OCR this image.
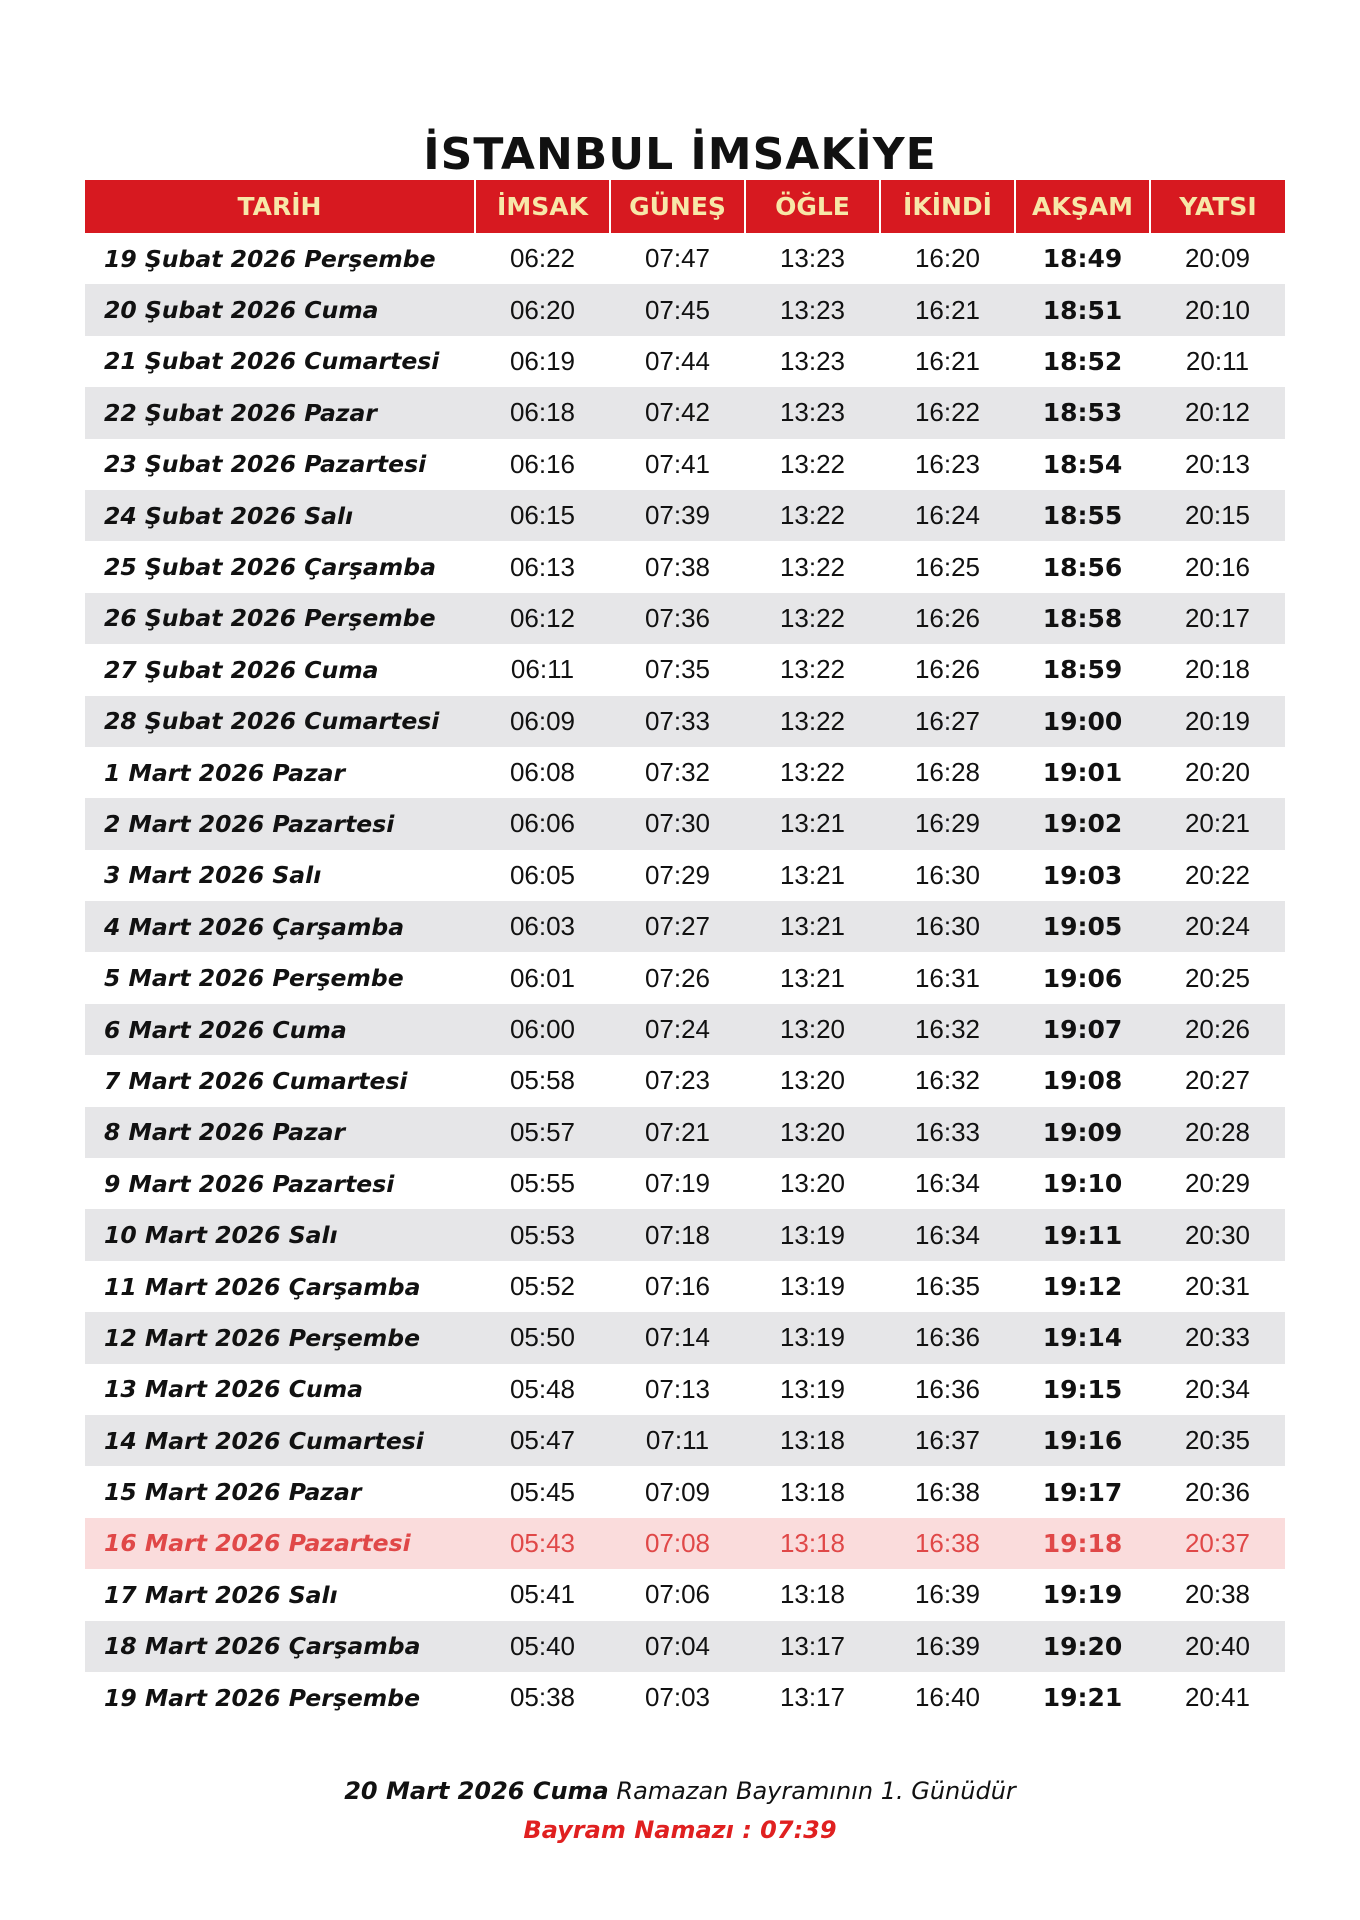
İSTANBUL İMSAKİYE
TARİH	İMSAK	GÜNEŞ	ÖĞLE	İKİNDİ	AKŞAM	YATSI
19 Şubat 2026 Perşembe	06:22	07:47	13:23	16:20	18:49	20:09
20 Şubat 2026 Cuma	06:20	07:45	13:23	16:21	18:51	20:10
21 Şubat 2026 Cumartesi	06:19	07:44	13:23	16:21	18:52	20:11
22 Şubat 2026 Pazar	06:18	07:42	13:23	16:22	18:53	20:12
23 Şubat 2026 Pazartesi	06:16	07:41	13:22	16:23	18:54	20:13
24 Şubat 2026 Salı	06:15	07:39	13:22	16:24	18:55	20:15
25 Şubat 2026 Çarşamba	06:13	07:38	13:22	16:25	18:56	20:16
26 Şubat 2026 Perşembe	06:12	07:36	13:22	16:26	18:58	20:17
27 Şubat 2026 Cuma	06:11	07:35	13:22	16:26	18:59	20:18
28 Şubat 2026 Cumartesi	06:09	07:33	13:22	16:27	19:00	20:19
1 Mart 2026 Pazar	06:08	07:32	13:22	16:28	19:01	20:20
2 Mart 2026 Pazartesi	06:06	07:30	13:21	16:29	19:02	20:21
3 Mart 2026 Salı	06:05	07:29	13:21	16:30	19:03	20:22
4 Mart 2026 Çarşamba	06:03	07:27	13:21	16:30	19:05	20:24
5 Mart 2026 Perşembe	06:01	07:26	13:21	16:31	19:06	20:25
6 Mart 2026 Cuma	06:00	07:24	13:20	16:32	19:07	20:26
7 Mart 2026 Cumartesi	05:58	07:23	13:20	16:32	19:08	20:27
8 Mart 2026 Pazar	05:57	07:21	13:20	16:33	19:09	20:28
9 Mart 2026 Pazartesi	05:55	07:19	13:20	16:34	19:10	20:29
10 Mart 2026 Salı	05:53	07:18	13:19	16:34	19:11	20:30
11 Mart 2026 Çarşamba	05:52	07:16	13:19	16:35	19:12	20:31
12 Mart 2026 Perşembe	05:50	07:14	13:19	16:36	19:14	20:33
13 Mart 2026 Cuma	05:48	07:13	13:19	16:36	19:15	20:34
14 Mart 2026 Cumartesi	05:47	07:11	13:18	16:37	19:16	20:35
15 Mart 2026 Pazar	05:45	07:09	13:18	16:38	19:17	20:36
16 Mart 2026 Pazartesi	05:43	07:08	13:18	16:38	19:18	20:37
17 Mart 2026 Salı	05:41	07:06	13:18	16:39	19:19	20:38
18 Mart 2026 Çarşamba	05:40	07:04	13:17	16:39	19:20	20:40
19 Mart 2026 Perşembe	05:38	07:03	13:17	16:40	19:21	20:41
20 Mart 2026 Cuma Ramazan Bayramının 1. Günüdür
Bayram Namazı : 07:39
